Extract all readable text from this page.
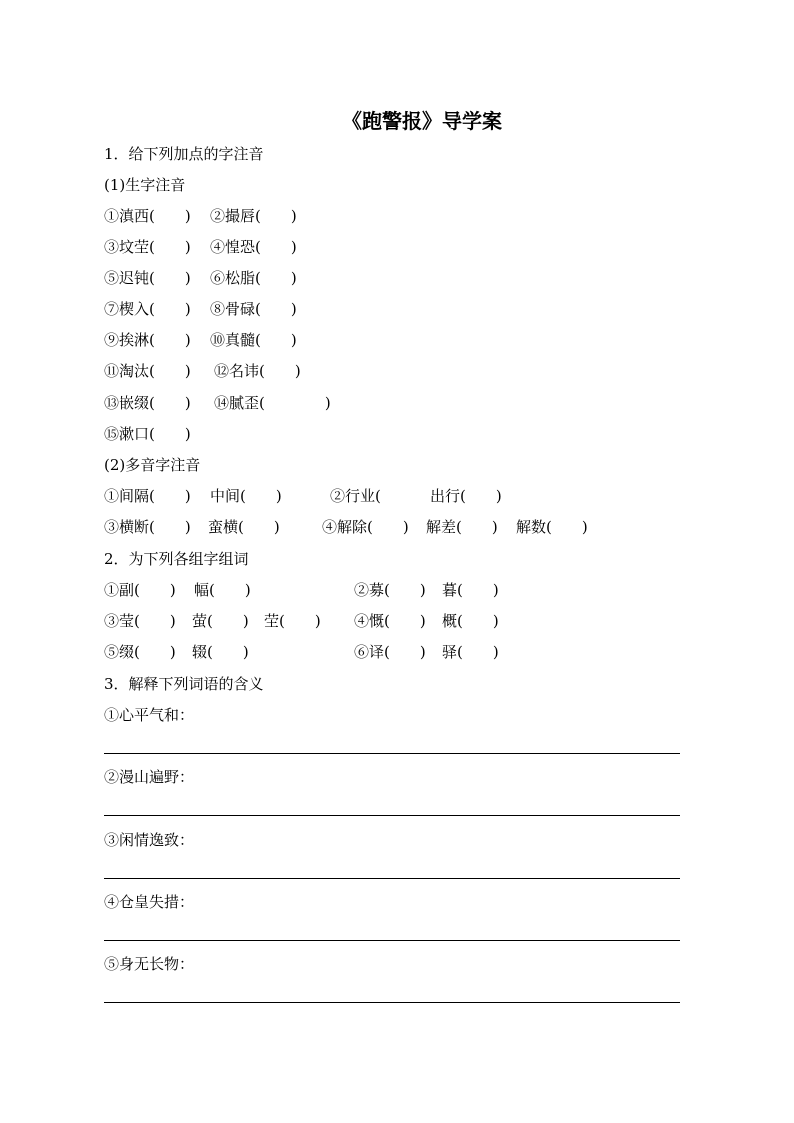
《跑警报》导学案
1．给下列加点的字注音
(1)生字注音
①滇西(　　) ②撮唇(　　)
③坟茔(　　) ④惶恐(　　)
⑤迟钝(　　) ⑥松脂(　　)
⑦楔入(　　) ⑧骨碌(　　)
⑨挨淋(　　) ⑩真髓(　　)
⑪淘汰(　　) ⑫名讳(　　)
⑬嵌缀(　　) ⑭腻歪(　　　　)
⑮漱口(　　)
(2)多音字注音
①间隔(　　) 中间(　　)	②行业(　　 出行(　　)
③横断(　　) 蛮横(　　)	④解除(　　) 解差(　　) 解数(　　)
2．为下列各组字组词
①副(　　) 幅(　　)	②募(　　) 暮(　　)
③莹(　　) 萤(　　) 茔(　　) ④慨(　　) 概(　　)
⑤缀(　　) 辍(　　)	⑥译(　　) 驿(　　)
3．解释下列词语的含义
①心平气和：
②漫山遍野：
③闲情逸致：
④仓皇失措：
⑤身无长物：
